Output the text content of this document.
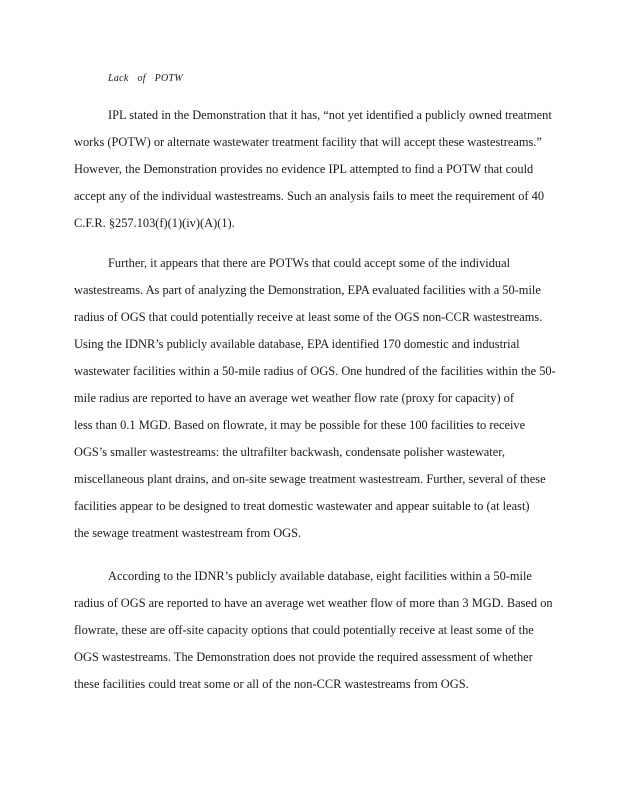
Lack of POTW
IPL stated in the Demonstration that it has, “not yet identified a publicly owned treatment
works (POTW) or alternate wastewater treatment facility that will accept these wastestreams.”
However, the Demonstration provides no evidence IPL attempted to find a POTW that could
accept any of the individual wastestreams. Such an analysis fails to meet the requirement of 40
C.F.R. §257.103(f)(1)(iv)(A)(1).
Further, it appears that there are POTWs that could accept some of the individual
wastestreams. As part of analyzing the Demonstration, EPA evaluated facilities with a 50-mile
radius of OGS that could potentially receive at least some of the OGS non-CCR wastestreams.
Using the IDNR’s publicly available database, EPA identified 170 domestic and industrial
wastewater facilities within a 50-mile radius of OGS. One hundred of the facilities within the 50-
mile radius are reported to have an average wet weather flow rate (proxy for capacity) of
less than 0.1 MGD. Based on flowrate, it may be possible for these 100 facilities to receive
OGS’s smaller wastestreams: the ultrafilter backwash, condensate polisher wastewater,
miscellaneous plant drains, and on-site sewage treatment wastestream. Further, several of these
facilities appear to be designed to treat domestic wastewater and appear suitable to (at least)
the sewage treatment wastestream from OGS.
According to the IDNR’s publicly available database, eight facilities within a 50-mile
radius of OGS are reported to have an average wet weather flow of more than 3 MGD. Based on
flowrate, these are off-site capacity options that could potentially receive at least some of the
OGS wastestreams. The Demonstration does not provide the required assessment of whether
these facilities could treat some or all of the non-CCR wastestreams from OGS.
